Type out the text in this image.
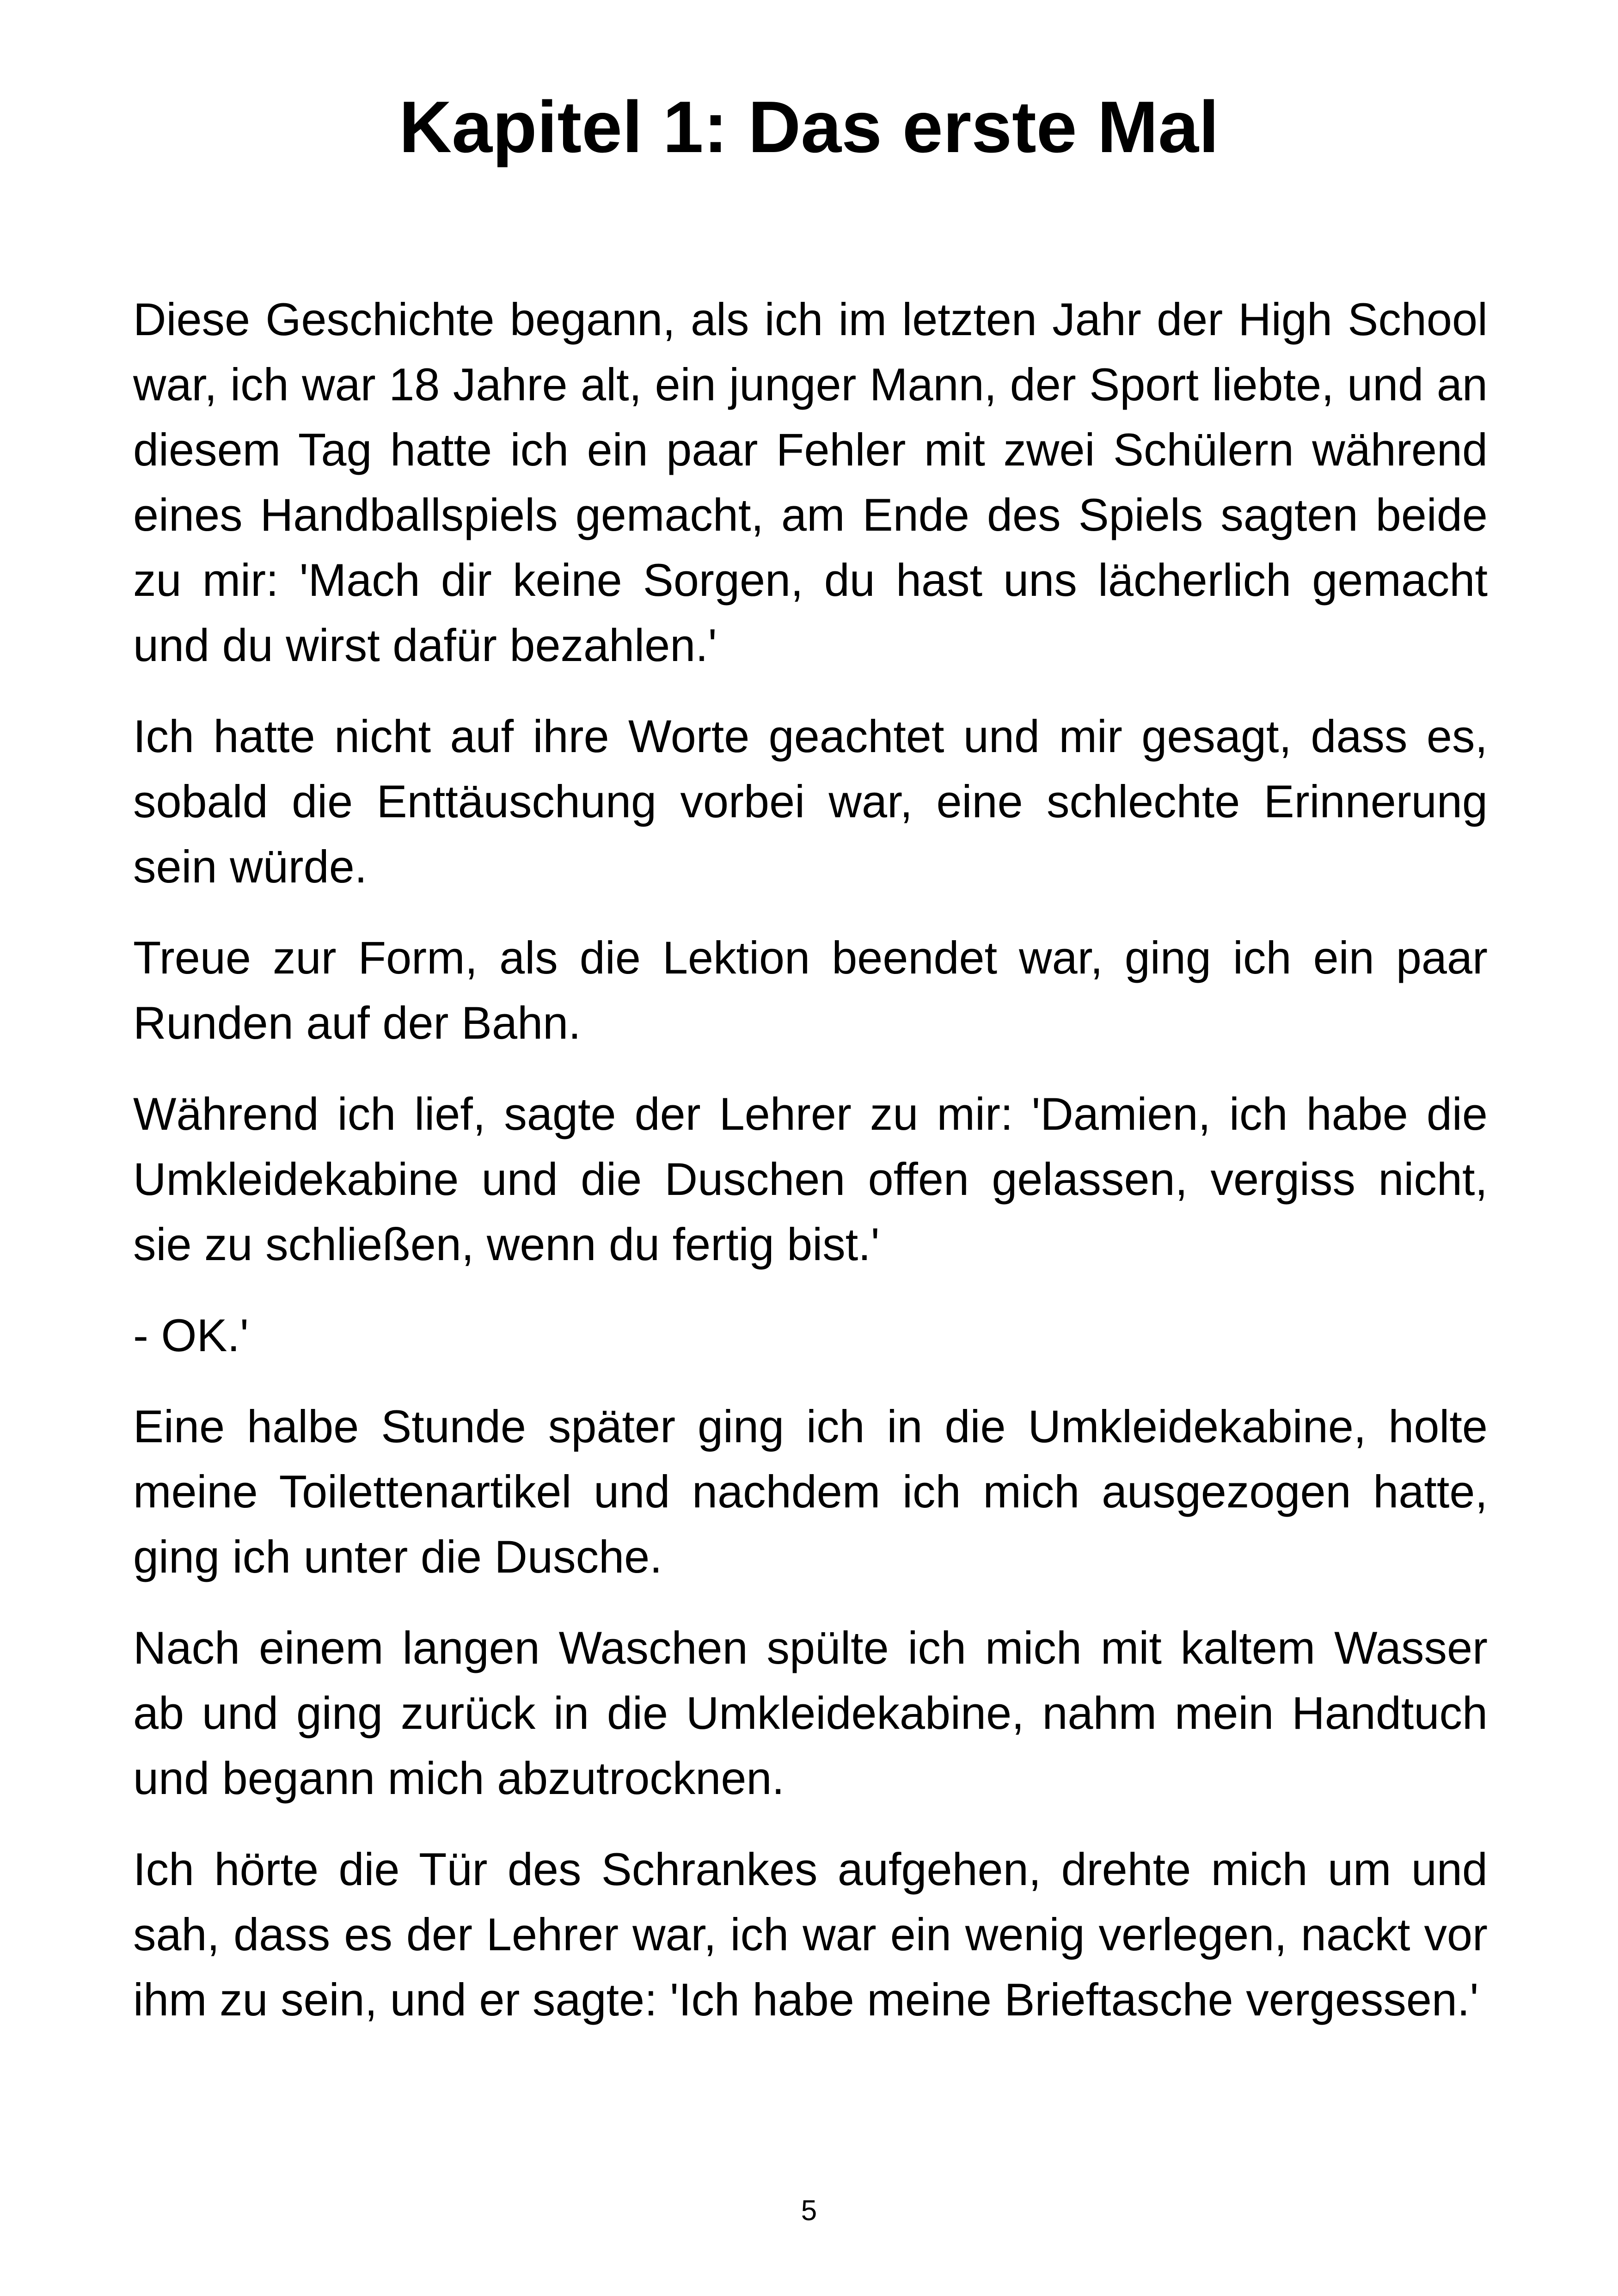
Kapitel 1: Das erste Mal

Diese Geschichte begann, als ich im letzten Jahr der High School war, ich war 18 Jahre alt, ein junger Mann, der Sport liebte, und an diesem Tag hatte ich ein paar Fehler mit zwei Schülern während eines Handballspiels gemacht, am Ende des Spiels sagten beide zu mir: 'Mach dir keine Sorgen, du hast uns lächerlich gemacht und du wirst dafür bezahlen.'

Ich hatte nicht auf ihre Worte geachtet und mir gesagt, dass es, sobald die Enttäuschung vorbei war, eine schlechte Erinnerung sein würde.

Treue zur Form, als die Lektion beendet war, ging ich ein paar Runden auf der Bahn.

Während ich lief, sagte der Lehrer zu mir: 'Damien, ich habe die Umkleidekabine und die Duschen offen gelassen, vergiss nicht, sie zu schließen, wenn du fertig bist.'

- OK.'

Eine halbe Stunde später ging ich in die Umkleidekabine, holte meine Toilettenartikel und nachdem ich mich ausgezogen hatte, ging ich unter die Dusche.

Nach einem langen Waschen spülte ich mich mit kaltem Wasser ab und ging zurück in die Umkleidekabine, nahm mein Handtuch und begann mich abzutrocknen.

Ich hörte die Tür des Schrankes aufgehen, drehte mich um und sah, dass es der Lehrer war, ich war ein wenig verlegen, nackt vor ihm zu sein, und er sagte: 'Ich habe meine Brieftasche vergessen.'

5
